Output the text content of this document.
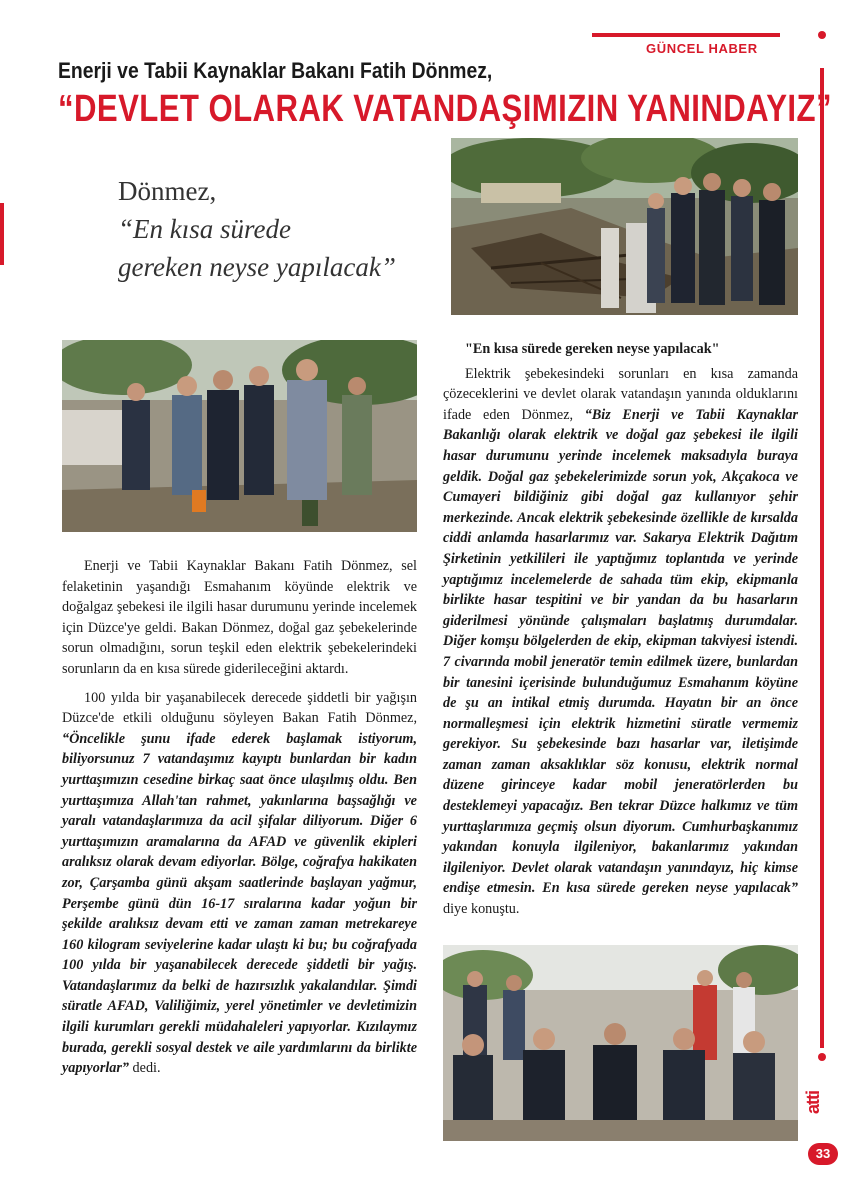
GÜNCEL HABER
Enerji ve Tabii Kaynaklar Bakanı Fatih Dönmez,
“DEVLET OLARAK VATANDAŞIMIZIN YANINDAYIZ”
Dönmez,
“En kısa sürede
gereken neyse yapılacak”

Enerji ve Tabii Kaynaklar Bakanı Fatih Dönmez, sel felaketinin yaşandığı Esmahanım köyünde elektrik ve doğalgaz şebekesi ile ilgili hasar durumunu yerinde incelemek için Düzce'ye geldi. Bakan Dönmez, doğal gaz şebekelerinde sorun olmadığını, sorun teşkil eden elektrik şebekelerindeki sorunların da en kısa sürede giderileceğini aktardı.

100 yılda bir yaşanabilecek derecede şiddetli bir yağışın Düzce'de etkili olduğunu söyleyen Bakan Fatih Dönmez, “Öncelikle şunu ifade ederek başlamak istiyorum, biliyorsunuz 7 vatandaşımız kayıptı bunlardan bir kadın yurttaşımızın cesedine birkaç saat önce ulaşılmış oldu. Ben yurttaşımıza Allah'tan rahmet, yakınlarına başsağlığı ve yaralı vatandaşlarımıza da acil şifalar diliyorum. Diğer 6 yurttaşımızın aramalarına da AFAD ve güvenlik ekipleri aralıksız olarak devam ediyorlar. Bölge, coğrafya hakikaten zor, Çarşamba günü akşam saatlerinde başlayan yağmur, Perşembe günü dün 16-17 sıralarına kadar yoğun bir şekilde aralıksız devam etti ve zaman zaman metrekareye 160 kilogram seviyelerine kadar ulaştı ki bu; bu coğrafyada 100 yılda bir yaşanabilecek derecede şiddetli bir yağış. Vatandaşlarımız da belki de hazırsızlık yakalandılar. Şimdi süratle AFAD, Valiliğimiz, yerel yönetimler ve devletimizin ilgili kurumları gerekli müdahaleleri yapıyorlar. Kızılaymız burada, gerekli sosyal destek ve aile yardımlarını da birlikte yapıyorlar” dedi.

"En kısa sürede gereken neyse yapılacak"

Elektrik şebekesindeki sorunları en kısa zamanda çözeceklerini ve devlet olarak vatandaşın yanında olduklarını ifade eden Dönmez, “Biz Enerji ve Tabii Kaynaklar Bakanlığı olarak elektrik ve doğal gaz şebekesi ile ilgili hasar durumunu yerinde incelemek maksadıyla buraya geldik. Doğal gaz şebekelerimizde sorun yok, Akçakoca ve Cumayeri bildiğiniz gibi doğal gaz kullanıyor şehir merkezinde. Ancak elektrik şebekesinde özellikle de kırsalda ciddi anlamda hasarlarımız var. Sakarya Elektrik Dağıtım Şirketinin yetkilileri ile yaptığımız toplantıda ve yerinde yaptığımız incelemelerde de sahada tüm ekip, ekipmanla birlikte hasar tespitini ve bir yandan da bu hasarların giderilmesi yönünde çalışmaları başlatmış durumdalar. Diğer komşu bölgelerden de ekip, ekipman takviyesi istendi. 7 civarında mobil jeneratör temin edilmek üzere, bunlardan bir tanesini içerisinde bulunduğumuz Esmahanım köyüne de şu an intikal etmiş durumda. Hayatın bir an önce normalleşmesi için elektrik hizmetini süratle vermemiz gerekiyor. Su şebekesinde bazı hasarlar var, iletişimde zaman zaman aksaklıklar söz konusu, elektrik normal düzene girinceye kadar mobil jeneratörlerden bu desteklemeyi yapacağız. Ben tekrar Düzce halkımız ve tüm yurttaşlarımıza geçmiş olsun diyorum. Cumhurbaşkanımız yakından konuyla ilgileniyor, bakanlarımız yakından ilgileniyor. Devlet olarak vatandaşın yanındayız, hiç kimse endişe etmesin. En kısa sürede gereken neyse yapılacak” diye konuştu.

atti
33
